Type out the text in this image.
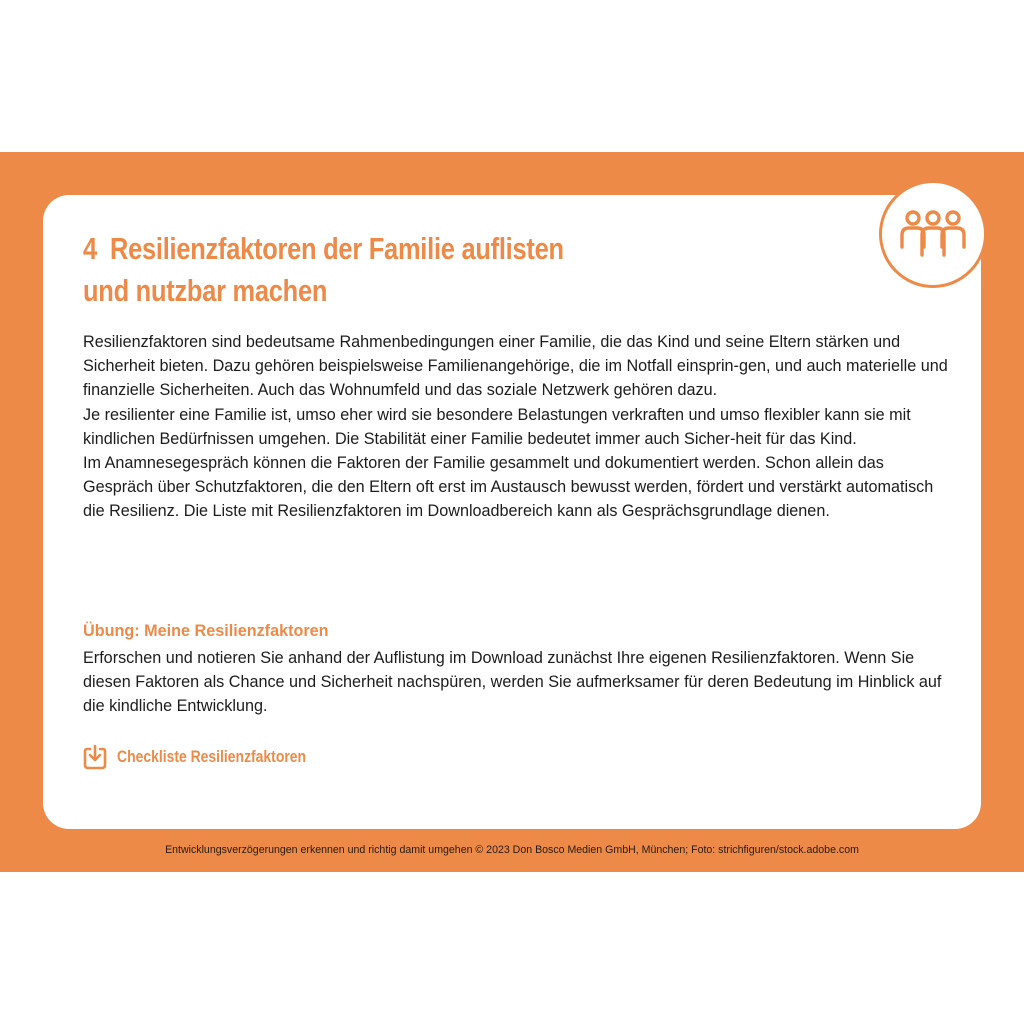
4 Resilienzfaktoren der Familie auflisten
und nutzbar machen

Resilienzfaktoren sind bedeutsame Rahmenbedingungen einer Familie, die das Kind und seine Eltern stärken und Sicherheit bieten. Dazu gehören beispielsweise Familienangehörige, die im Notfall einsprin-gen, und auch materielle und finanzielle Sicherheiten. Auch das Wohnumfeld und das soziale Netzwerk gehören dazu.

Je resilienter eine Familie ist, umso eher wird sie besondere Belastungen verkraften und umso flexibler kann sie mit kindlichen Bedürfnissen umgehen. Die Stabilität einer Familie bedeutet immer auch Sicher-heit für das Kind.

Im Anamnesegespräch können die Faktoren der Familie gesammelt und dokumentiert werden. Schon allein das Gespräch über Schutzfaktoren, die den Eltern oft erst im Austausch bewusst werden, fördert und verstärkt automatisch die Resilienz. Die Liste mit Resilienzfaktoren im Downloadbereich kann als Gesprächsgrundlage dienen.

Übung: Meine Resilienzfaktoren

Erforschen und notieren Sie anhand der Auflistung im Download zunächst Ihre eigenen Resilienzfaktoren. Wenn Sie diesen Faktoren als Chance und Sicherheit nachspüren, werden Sie aufmerksamer für deren Bedeutung im Hinblick auf die kindliche Entwicklung.

Checkliste Resilienzfaktoren
Entwicklungsverzögerungen erkennen und richtig damit umgehen © 2023 Don Bosco Medien GmbH, München; Foto: strichfiguren/stock.adobe.com
